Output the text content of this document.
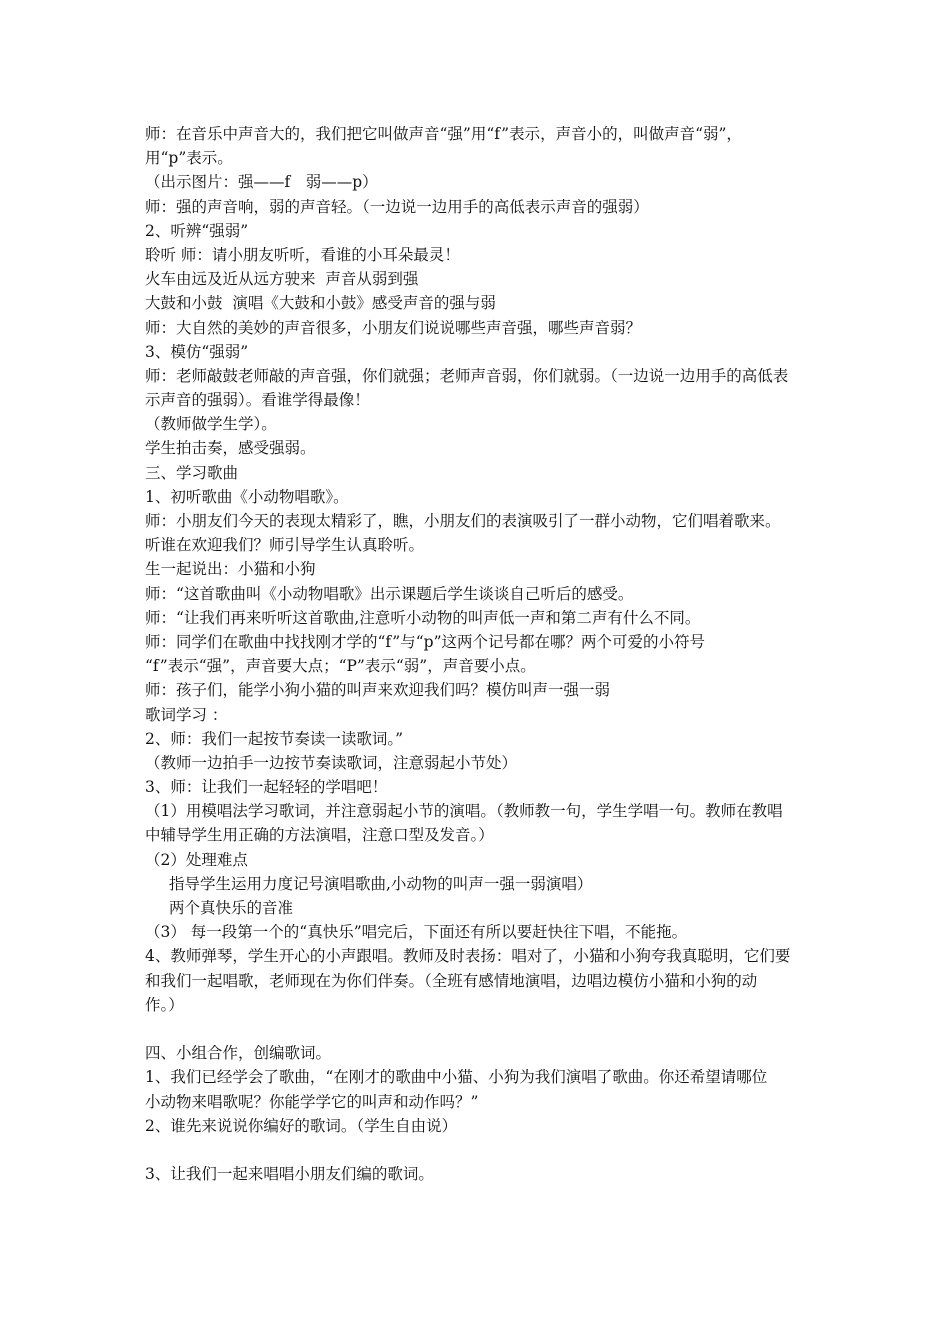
师：在音乐中声音大的，我们把它叫做声音“强”用“f”表示，声音小的，叫做声音“弱”，
用“p”表示。
（出示图片：强——f　弱——p）
师：强的声音响，弱的声音轻。（一边说一边用手的高低表示声音的强弱）
2、听辨“强弱”
聆听 师：请小朋友听听，看谁的小耳朵最灵！
火车由远及近从远方驶来  声音从弱到强
大鼓和小鼓  演唱《大鼓和小鼓》感受声音的强与弱
师：大自然的美妙的声音很多，小朋友们说说哪些声音强，哪些声音弱？
3、模仿“强弱”
师：老师敲鼓老师敲的声音强，你们就强；老师声音弱，你们就弱。（一边说一边用手的高低表
示声音的强弱）。看谁学得最像！
（教师做学生学）。
学生拍击奏，感受强弱。
三、学习歌曲
1、初听歌曲《小动物唱歌》。
师：小朋友们今天的表现太精彩了，瞧，小朋友们的表演吸引了一群小动物，它们唱着歌来。
听谁在欢迎我们？师引导学生认真聆听。
生一起说出：小猫和小狗
师：“这首歌曲叫《小动物唱歌》出示课题后学生谈谈自己听后的感受。
师：“让我们再来听听这首歌曲,注意听小动物的叫声低一声和第二声有什么不同。
师：同学们在歌曲中找找刚才学的“f”与“p”这两个记号都在哪？两个可爱的小符号
“f”表示“强”，声音要大点；“P”表示“弱”，声音要小点。
师：孩子们，能学小狗小猫的叫声来欢迎我们吗？模仿叫声一强一弱
歌词学习 ：
2、师：我们一起按节奏读一读歌词。”
（教师一边拍手一边按节奏读歌词，注意弱起小节处）
3、师：让我们一起轻轻的学唱吧！
（1）用模唱法学习歌词，并注意弱起小节的演唱。（教师教一句，学生学唱一句。教师在教唱
中辅导学生用正确的方法演唱，注意口型及发音。）
（2）处理难点
指导学生运用力度记号演唱歌曲,小动物的叫声一强一弱演唱）
两个真快乐的音准
（3） 每一段第一个的“真快乐”唱完后，下面还有所以要赶快往下唱，不能拖。
4、教师弹琴，学生开心的小声跟唱。教师及时表扬：唱对了，小猫和小狗夸我真聪明，它们要
和我们一起唱歌，老师现在为你们伴奏。（全班有感情地演唱，边唱边模仿小猫和小狗的动
作。）
四、小组合作，创编歌词。
1、我们已经学会了歌曲，“在刚才的歌曲中小猫、小狗为我们演唱了歌曲。你还希望请哪位
小动物来唱歌呢？你能学学它的叫声和动作吗？”
2、谁先来说说你编好的歌词。（学生自由说）
3、让我们一起来唱唱小朋友们编的歌词。
